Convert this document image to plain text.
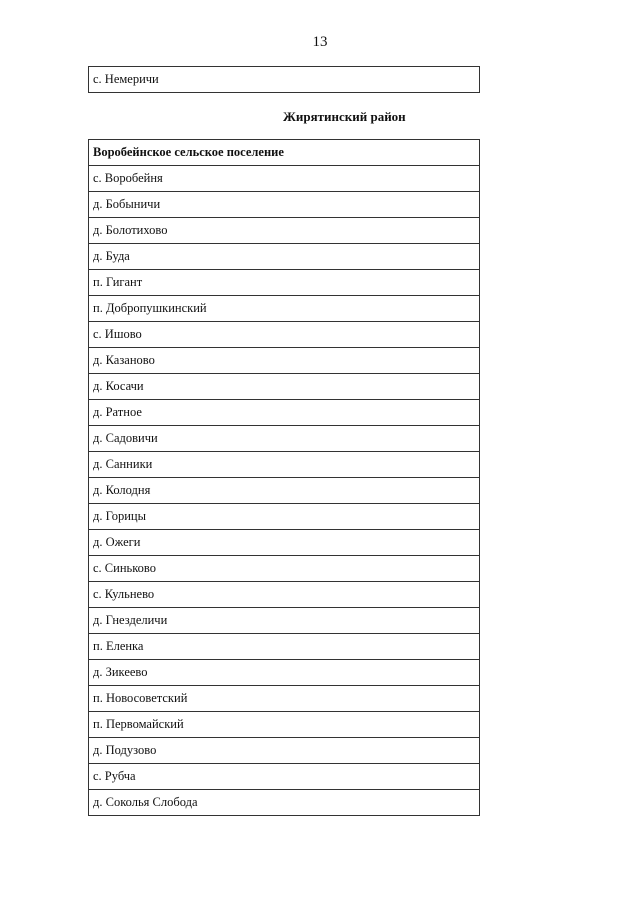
13
с. Немеричи
Жирятинский район
Воробейнское сельское поселение
с. Воробейня
д. Бобыничи
д. Болотихово
д. Буда
п. Гигант
п. Добропушкинский
с. Ишово
д. Казаново
д. Косачи
д. Ратное
д. Садовичи
д. Санники
д. Колодня
д. Горицы
д. Ожеги
с. Синьково
с. Кульнево
д. Гнезделичи
п. Еленка
д. Зикеево
п. Новосоветский
п. Первомайский
д. Подузово
с. Рубча
д. Соколья Слобода
